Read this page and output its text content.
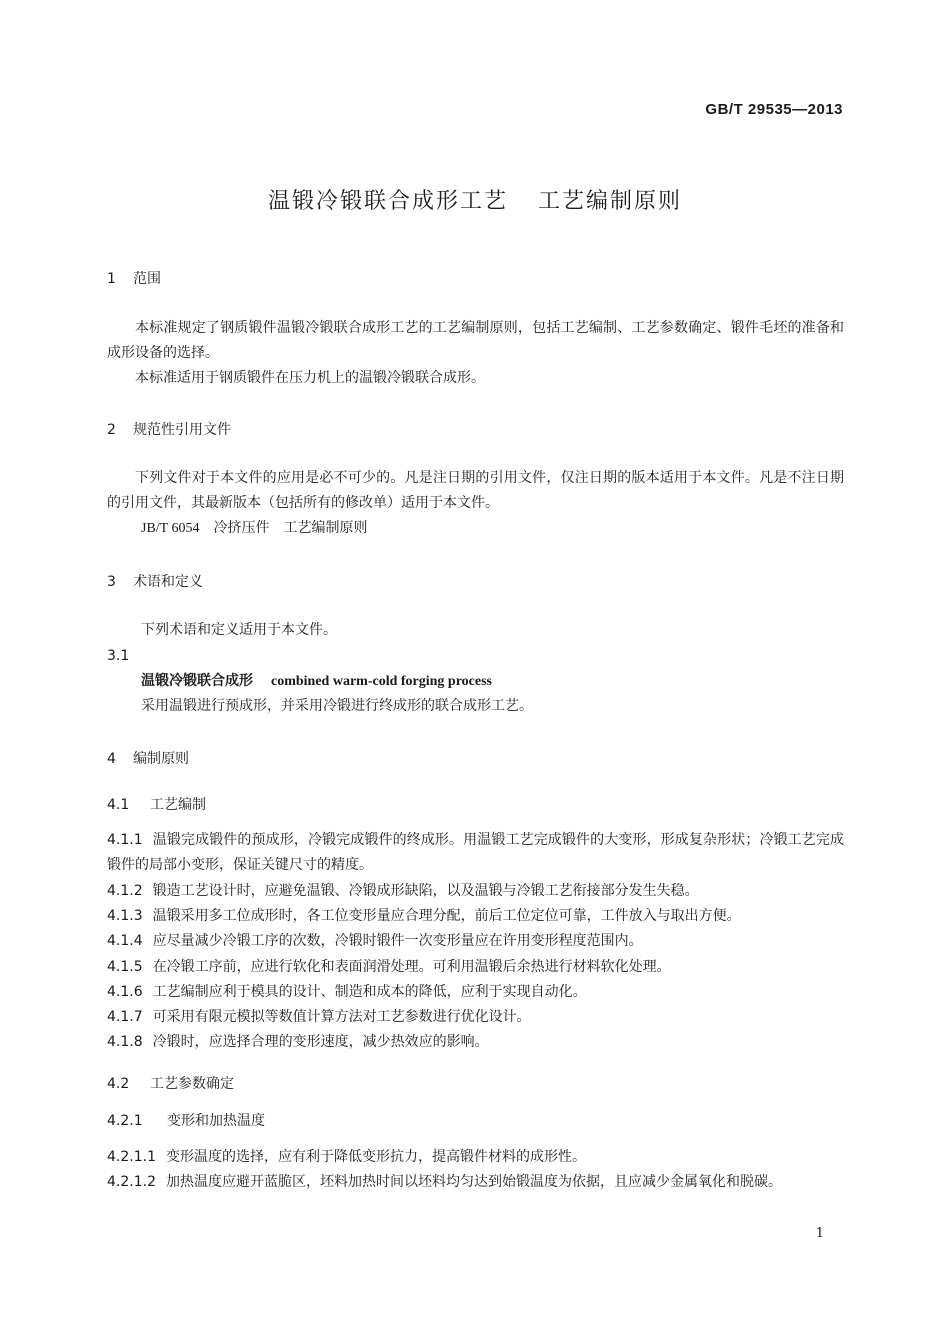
GB/T 29535—2013
温锻冷锻联合成形工艺 工艺编制原则
1 范围
本标准规定了钢质锻件温锻冷锻联合成形工艺的工艺编制原则，包括工艺编制、工艺参数确定、锻件毛坯的准备和成形设备的选择。
本标准适用于钢质锻件在压力机上的温锻冷锻联合成形。
2 规范性引用文件
下列文件对于本文件的应用是必不可少的。凡是注日期的引用文件，仅注日期的版本适用于本文件。凡是不注日期的引用文件，其最新版本（包括所有的修改单）适用于本文件。
JB/T 6054 冷挤压件 工艺编制原则
3 术语和定义
下列术语和定义适用于本文件。
3.1
温锻冷锻联合成形 combined warm-cold forging process
采用温锻进行预成形，并采用冷锻进行终成形的联合成形工艺。
4 编制原则
4.1 工艺编制
4.1.1 温锻完成锻件的预成形，冷锻完成锻件的终成形。用温锻工艺完成锻件的大变形，形成复杂形状；冷锻工艺完成锻件的局部小变形，保证关键尺寸的精度。
4.1.2 锻造工艺设计时，应避免温锻、冷锻成形缺陷，以及温锻与冷锻工艺衔接部分发生失稳。
4.1.3 温锻采用多工位成形时，各工位变形量应合理分配，前后工位定位可靠，工件放入与取出方便。
4.1.4 应尽量减少冷锻工序的次数，冷锻时锻件一次变形量应在许用变形程度范围内。
4.1.5 在冷锻工序前，应进行软化和表面润滑处理。可利用温锻后余热进行材料软化处理。
4.1.6 工艺编制应利于模具的设计、制造和成本的降低，应利于实现自动化。
4.1.7 可采用有限元模拟等数值计算方法对工艺参数进行优化设计。
4.1.8 冷锻时，应选择合理的变形速度，减少热效应的影响。
4.2 工艺参数确定
4.2.1 变形和加热温度
4.2.1.1 变形温度的选择，应有利于降低变形抗力，提高锻件材料的成形性。
4.2.1.2 加热温度应避开蓝脆区，坯料加热时间以坯料均匀达到始锻温度为依据，且应减少金属氧化和脱碳。
1
